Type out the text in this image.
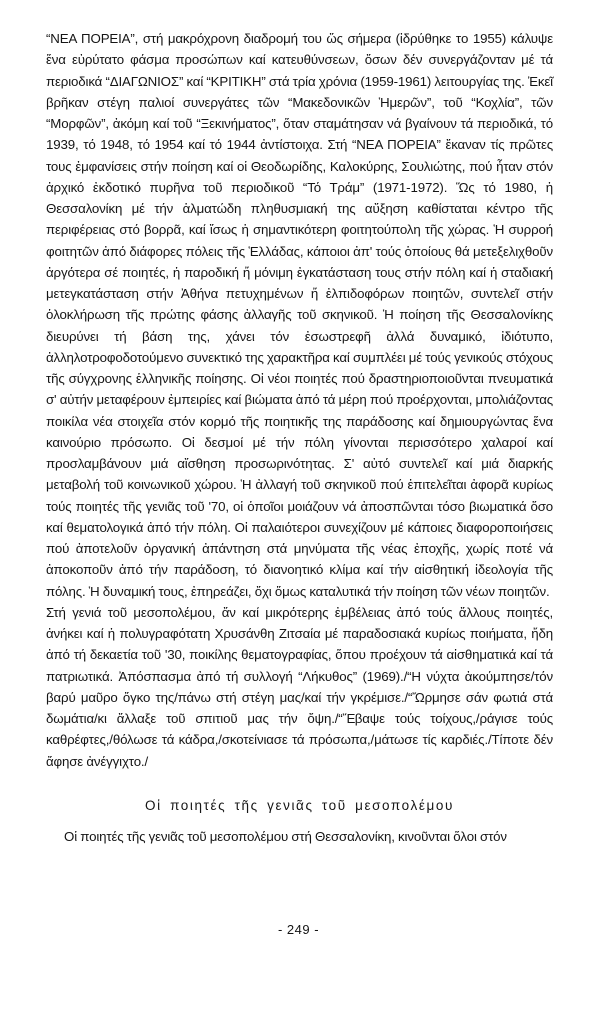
“ΝΕΑ ΠΟΡΕΙΑ”, στή μακρόχρονη διαδρομή του ὥς σήμερα (ἱδρύθηκε τo 1955) κάλυψε ἕνα εὐρύτατο φάσμα προσώπων καί κατευθύνσεων, ὅσων δέν συνεργάζονταν μέ τά περιοδικά “ΔΙΑΓΩΝΙΟΣ” καί “ΚΡΙΤΙΚΗ” στά τρία χρόνια (1959-1961) λειτουργίας της. Ἐκεῖ βρῆκαν στέγη παλιοί συνεργάτες τῶν “Μακεδονικῶν Ἡμερῶν”, τοῦ “Κοχλία”, τῶν “Μορφῶν”, ἀκόμη καί τοῦ “Ξεκινήματος”, ὅταν σταμάτησαν νά βγαίνουν τά περιοδικά, τό 1939, τό 1948, τό 1954 καί τό 1944 ἀντίστοιχα. Στή “ΝΕΑ ΠΟΡΕΙΑ” ἔκαναν τίς πρῶτες τους ἐμφανίσεις στήν ποίηση καί οἱ Θεοδωρίδης, Καλοκύρης, Σουλιώτης, πού ἦταν στόν ἀρχικό ἐκδοτικό πυρῆνα τοῦ περιοδικοῦ “Τό Τράμ” (1971-1972). Ὥς τό 1980, ἡ Θεσσαλονίκη μέ τήν ἁλματώδη πληθυσμιακή της αὔξηση καθίσταται κέντρο τῆς περιφέρειας στό βορρᾶ, καί ἴσως ἡ σημαντικότερη φοιτητούπολη τῆς χώρας. Ἡ συρροή φοιτητῶν ἀπό διάφορες πόλεις τῆς Ἑλλάδας, κάποιοι ἀπ' τούς ὁποίους θά μετεξελιχθοῦν ἀργότερα σέ ποιητές, ἡ παροδική ἤ μόνιμη ἐγκατάσταση τους στήν πόλη καί ἡ σταδιακή μετεγκατάσταση στήν Ἀθήνα πετυχημένων ἤ ἐλπιδοφόρων ποιητῶν, συντελεῖ στήν ὁλοκλήρωση τῆς πρώτης φάσης ἀλλαγῆς τοῦ σκηνικοῦ. Ἡ ποίηση τῆς Θεσσαλονίκης διευρύνει τή βάση της, χάνει τόν ἐσωστρεφῆ ἀλλά δυναμικό, ἰδιότυπο, ἀλληλοτροφοδοτούμενο συνεκτικό της χαρακτῆρα καί συμπλέει μέ τούς γενικούς στόχους τῆς σύγχρονης ἑλληνικῆς ποίησης. Οἱ νέοι ποιητές πού δραστηριοποιοῦνται πνευματικά σ' αὐτήν μεταφέρουν ἐμπειρίες καί βιώματα ἀπό τά μέρη πού προέρχονται, μπολιάζοντας ποικίλα νέα στοιχεῖα στόν κορμό τῆς ποιητικῆς της παράδοσης καί δημιουργώντας ἕνα καινούριο πρόσωπο. Οἱ δεσμοί μέ τήν πόλη γίνονται περισσότερο χαλαροί καί προσλαμβάνουν μιά αἴσθηση προσωρινότητας. Σ' αὐτό συντελεῖ καί μιά διαρκής μεταβολή τοῦ κοινωνικοῦ χώρου. Ἡ ἀλλαγή τοῦ σκηνικοῦ πού ἐπιτελεῖται ἀφορᾶ κυρίως τούς ποιητές τῆς γενιᾶς τοῦ '70, οἱ ὁποῖοι μοιάζουν νά ἀποσπῶνται τόσο βιωματικά ὅσο καί θεματολογικά ἀπό τήν πόλη. Οἱ παλαιότεροι συνεχίζουν μέ κάποιες διαφοροποιήσεις πού ἀποτελοῦν ὀργανική ἀπάντηση στά μηνύματα τῆς νέας ἐποχῆς, χωρίς ποτέ νά ἀποκοποῦν ἀπό τήν παράδοση, τό διανοητικό κλίμα καί τήν αἰσθητική ἰδεολογία τῆς πόλης. Ἡ δυναμική τους, ἐπηρεάζει, ὄχι ὅμως καταλυτικά τήν ποίηση τῶν νέων ποιητῶν.

Στή γενιά τοῦ μεσοπολέμου, ἄν καί μικρότερης ἐμβέλειας ἀπό τούς ἄλλους ποιητές, ἀνήκει καί ἡ πολυγραφότατη Χρυσάνθη Ζιτσαία μέ παραδοσιακά κυρίως ποιήματα, ἤδη ἀπό τή δεκαετία τοῦ '30, ποικίλης θεματογραφίας, ὅπου προέχουν τά αἰσθηματικά καί τά πατριωτικά. Ἀπόσπασμα ἀπό τή συλλογή “Λήκυθος” (1969)./“Η νύχτα ἀκούμπησε/τόν βαρύ μαῦρο ὄγκο της/πάνω στή στέγη μας/καί τήν γκρέμισε./“Ὤρμησε σάν φωτιά στά δωμάτια/κι ἄλλαξε τοῦ σπιτιοῦ μας τήν ὄψη./“Ἔβαψε τούς τοίχους,/ράγισε τούς καθρέφτες,/θόλωσε τά κάδρα,/σκοτείνιασε τά πρόσωπα,/μάτωσε τίς καρδιές./Τίποτε δέν ἄφησε ἀνέγγιχτο./

Οἱ ποιητές τῆς γενιᾶς τοῦ μεσοπολέμου

Οἱ ποιητές τῆς γενιᾶς τοῦ μεσοπολέμου στή Θεσσαλονίκη, κινοῦνται ὅλοι στόν

- 249 -
